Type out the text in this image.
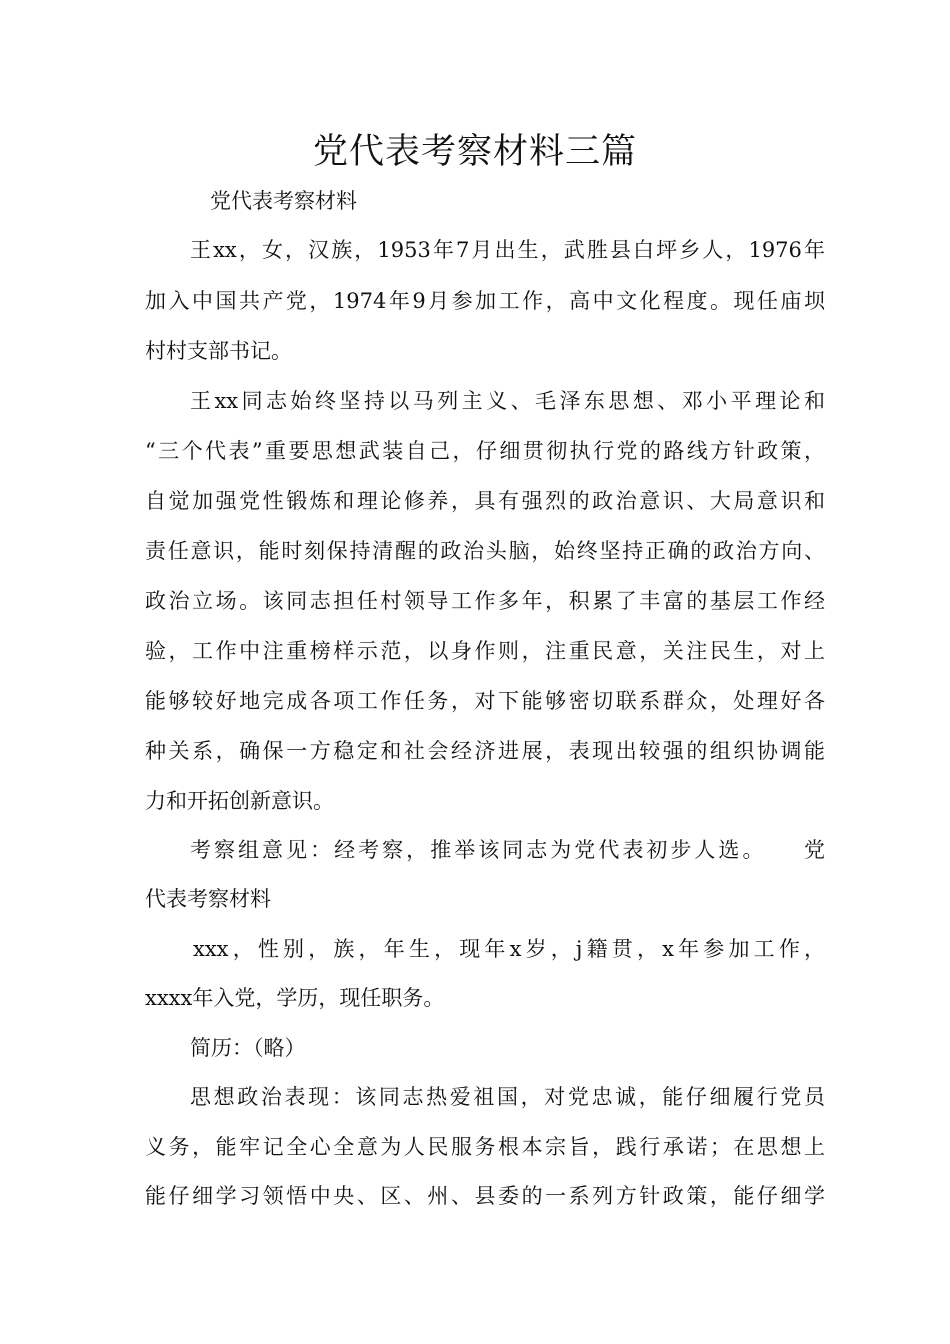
党代表考察材料三篇

党代表考察材料

王xx，女，汉族，1953年7月出生，武胜县白坪乡人，1976年

加入中国共产党，1974年9月参加工作，高中文化程度。现任庙坝

村村支部书记。

王xx同志始终坚持以马列主义、毛泽东思想、邓小平理论和

“三个代表”重要思想武装自己，仔细贯彻执行党的路线方针政策，

自觉加强党性锻炼和理论修养，具有强烈的政治意识、大局意识和

责任意识，能时刻保持清醒的政治头脑，始终坚持正确的政治方向、

政治立场。该同志担任村领导工作多年，积累了丰富的基层工作经

验，工作中注重榜样示范，以身作则，注重民意，关注民生，对上

能够较好地完成各项工作任务，对下能够密切联系群众，处理好各

种关系，确保一方稳定和社会经济进展，表现出较强的组织协调能

力和开拓创新意识。

考察组意见：经考察，推举该同志为党代表初步人选。　　党

代表考察材料

xxx，性别，族，年生，现年x岁，j籍贯，x年参加工作，

xxxx年入党，学历，现任职务。

简历：（略）

思想政治表现：该同志热爱祖国，对党忠诚，能仔细履行党员

义务，能牢记全心全意为人民服务根本宗旨，践行承诺；在思想上

能仔细学习领悟中央、区、州、县委的一系列方针政策，能仔细学
